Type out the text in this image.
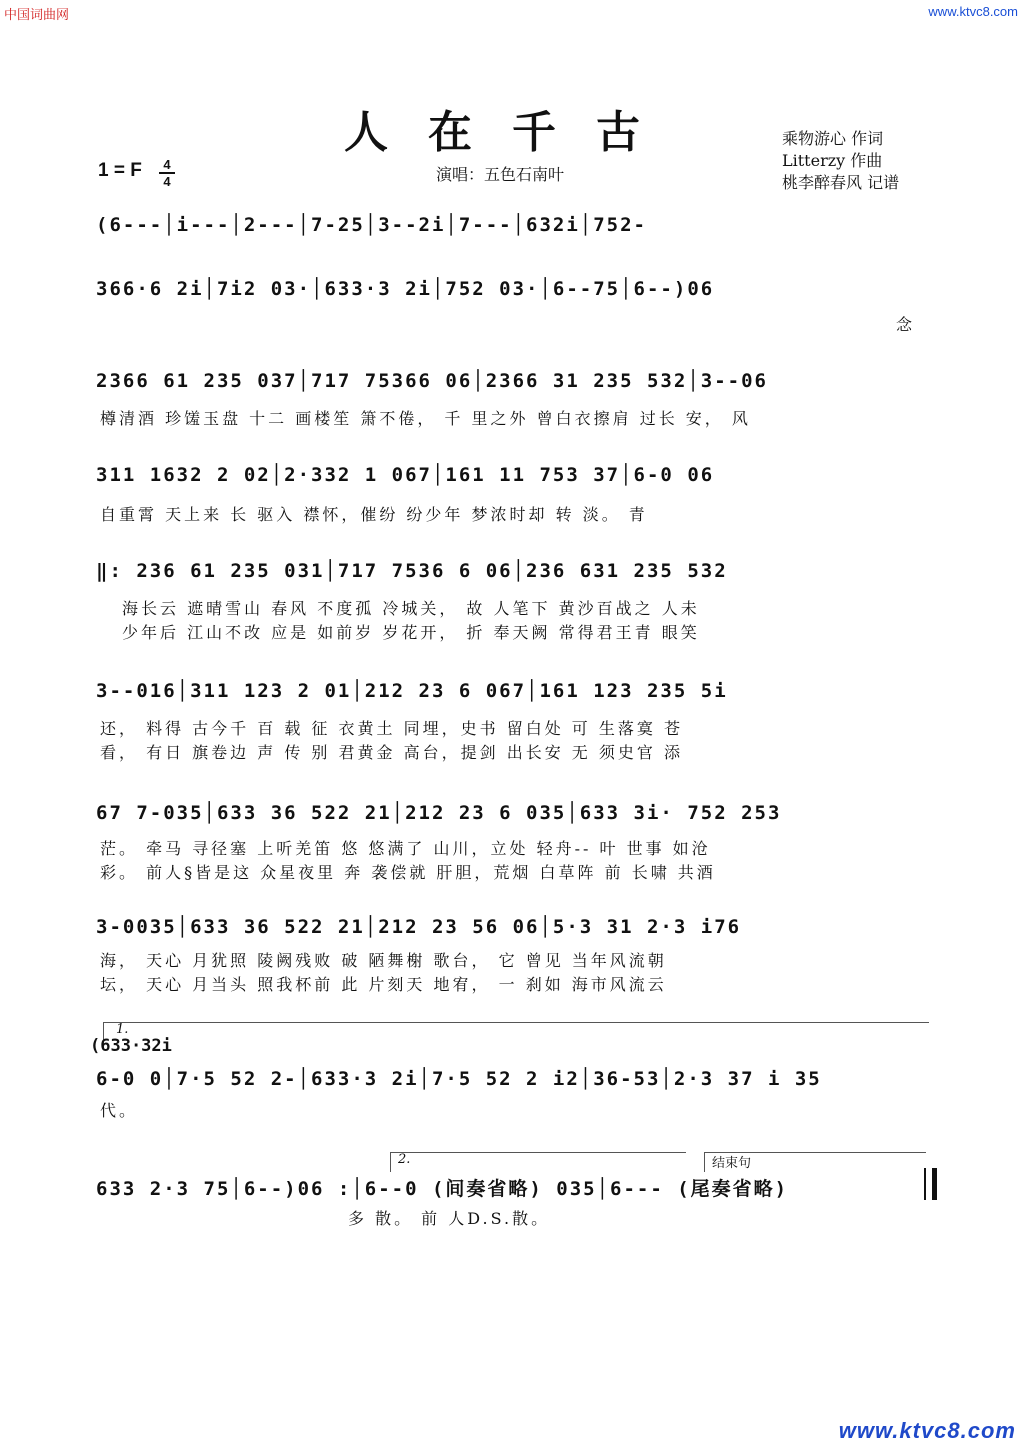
中国词曲网	www.ktvc8.com
人在千古	乘物游心 作词
Litterzy 作曲
桃李醉春风 记谱
1 = F	4
4	演唱：五色石南叶
(6---│i---│2---│7-25│3--2i│7---│632i│752-
366·6 2i│7i2 03·│633·3 2i│752 03·│6--75│6--)06
念
2366 61 235 037│717 75366 06│2366 31 235 532│3--06
樽清酒 珍馐玉盘 十二 画楼笙 箫不倦， 千 里之外 曾白衣擦肩 过长 安， 风
311 1632 2 02│2·332 1 067│161 11 753 37│6-0 06
自重霄 天上来 长 驱入 襟怀，催纷 纷少年 梦浓时却 转 淡。 青
‖: 236 61 235 031│717 7536 6 06│236 631 235 532
海长云 遮晴雪山 春风 不度孤 冷城关， 故 人笔下 黄沙百战之 人未
少年后 江山不改 应是 如前岁 岁花开， 折 奉天阙 常得君王青 眼笑
3--016│311 123 2 01│212 23 6 067│161 123 235 5i
还， 料得 古今千 百 载 征 衣黄土 同埋，史书 留白处 可 生落寞 苍
看， 有日 旗卷边 声 传 别 君黄金 高台，提剑 出长安 无 须史官 添
67 7-035│633 36 522 21│212 23 6 035│633 3i· 752 253
茫。 牵马 寻径塞 上听羌笛 悠 悠满了 山川，立处 轻舟-- 叶 世事 如沧
彩。 前人§皆是这 众星夜里 奔 袭偿就 肝胆，荒烟 白草阵 前 长啸 共酒
3-0035│633 36 522 21│212 23 56 06│5·3 31 2·3 i76
海， 天心 月犹照 陵阙残败 破 陋舞榭 歌台， 它 曾见 当年风流朝
坛， 天心 月当头 照我杯前 此 片刻天 地宥， 一 刹如 海市风流云
1.
(633·32i
6-0 0│7·5 52 2-│633·3 2i│7·5 52 2 i2│36-53│2·3 37 i 35
代。
2.	结束句
633 2·3 75│6--)06 :│6--0 (间奏省略) 035│6--- (尾奏省略)
多 散。 前 人D.S.散。
www.ktvc8.com
